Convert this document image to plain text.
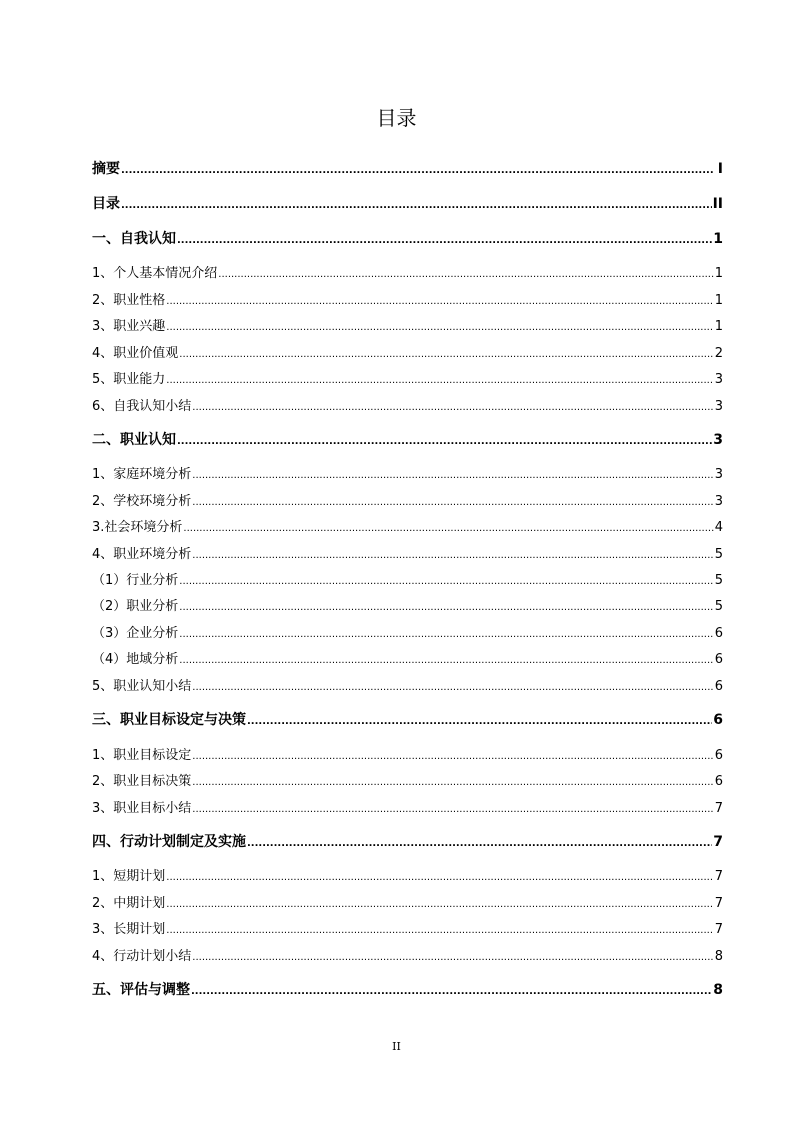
目录
摘要 .....	I
目录 .....	II
一、自我认知 .....	1
1、个人基本情况介绍 .....	1
2、职业性格 .....	1
3、职业兴趣 .....	1
4、职业价值观 .....	2
5、职业能力 .....	3
6、自我认知小结 .....	3
二、职业认知 .....	3
1、家庭环境分析 .....	3
2、学校环境分析 .....	3
3.社会环境分析 .....	4
4、职业环境分析 .....	5
（1）行业分析 .....	5
（2）职业分析 .....	5
（3）企业分析 .....	6
（4）地域分析 .....	6
5、职业认知小结 .....	6
三、职业目标设定与决策 .....	6
1、职业目标设定 .....	6
2、职业目标决策 .....	6
3、职业目标小结 .....	7
四、行动计划制定及实施 .....	7
1、短期计划 .....	7
2、中期计划 .....	7
3、长期计划 .....	7
4、行动计划小结 .....	8
五、评估与调整 .....	8
II
